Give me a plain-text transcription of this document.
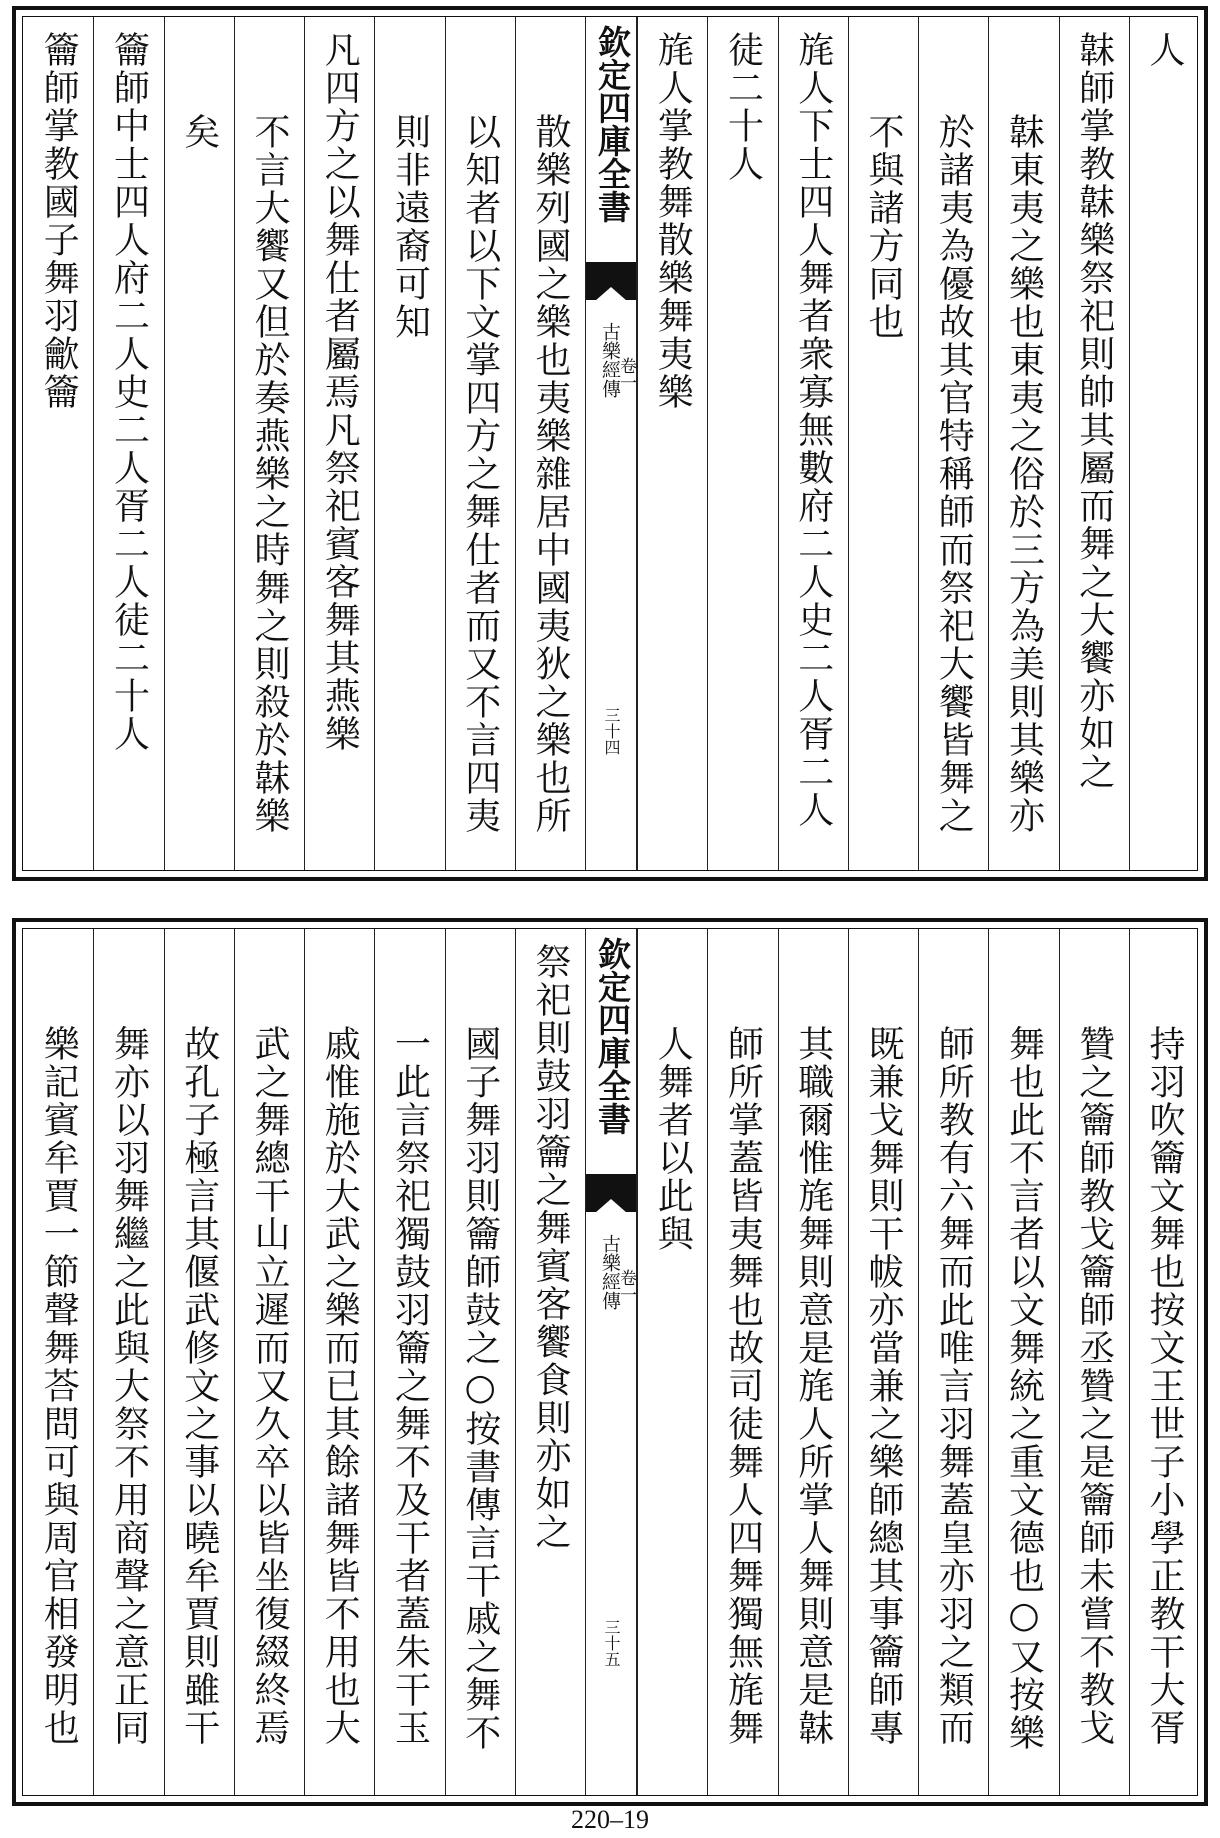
人
韎師掌教韎樂祭祀則帥其屬而舞之大饗亦如之
韎東夷之樂也東夷之俗於三方為美則其樂亦
於諸夷為優故其官特稱師而祭祀大饗皆舞之
不與諸方同也
旄人下士四人舞者衆寡無數府二人史二人胥二人
徒二十人
旄人掌教舞散樂舞夷樂
欽定四庫全書
古樂經傳
卷一
三十四
散樂列國之樂也夷樂雜居中國夷狄之樂也所
以知者以下文掌四方之舞仕者而又不言四夷
則非遠裔可知
凡四方之以舞仕者屬焉凡祭祀賓客舞其燕樂
不言大饗又但於奏燕樂之時舞之則殺於韎樂
矣
籥師中士四人府二人史二人胥二人徒二十人
籥師掌教國子舞羽龡籥
持羽吹籥文舞也按文王世子小學正教干大胥
贊之籥師教戈籥師丞贊之是籥師未嘗不教戈
舞也此不言者以文舞統之重文德也○又按樂
師所教有六舞而此唯言羽舞蓋皇亦羽之類而
既兼戈舞則干帗亦當兼之樂師總其事籥師專
其職爾惟旄舞則意是旄人所掌人舞則意是韎
師所掌蓋皆夷舞也故司徒舞人四舞獨無旄舞
人舞者以此與
欽定四庫全書
古樂經傳
卷一
三十五
祭祀則鼓羽籥之舞賓客饗食則亦如之
國子舞羽則籥師鼓之○按書傳言干戚之舞不
一此言祭祀獨鼓羽籥之舞不及干者蓋朱干玉
戚惟施於大武之樂而已其餘諸舞皆不用也大
武之舞總干山立遲而又久卒以皆坐復綴終焉
故孔子極言其偃武修文之事以曉牟賈則雖干
舞亦以羽舞繼之此與大祭不用商聲之意正同
樂記賓牟賈一節聲舞荅問可與周官相發明也
220–19
